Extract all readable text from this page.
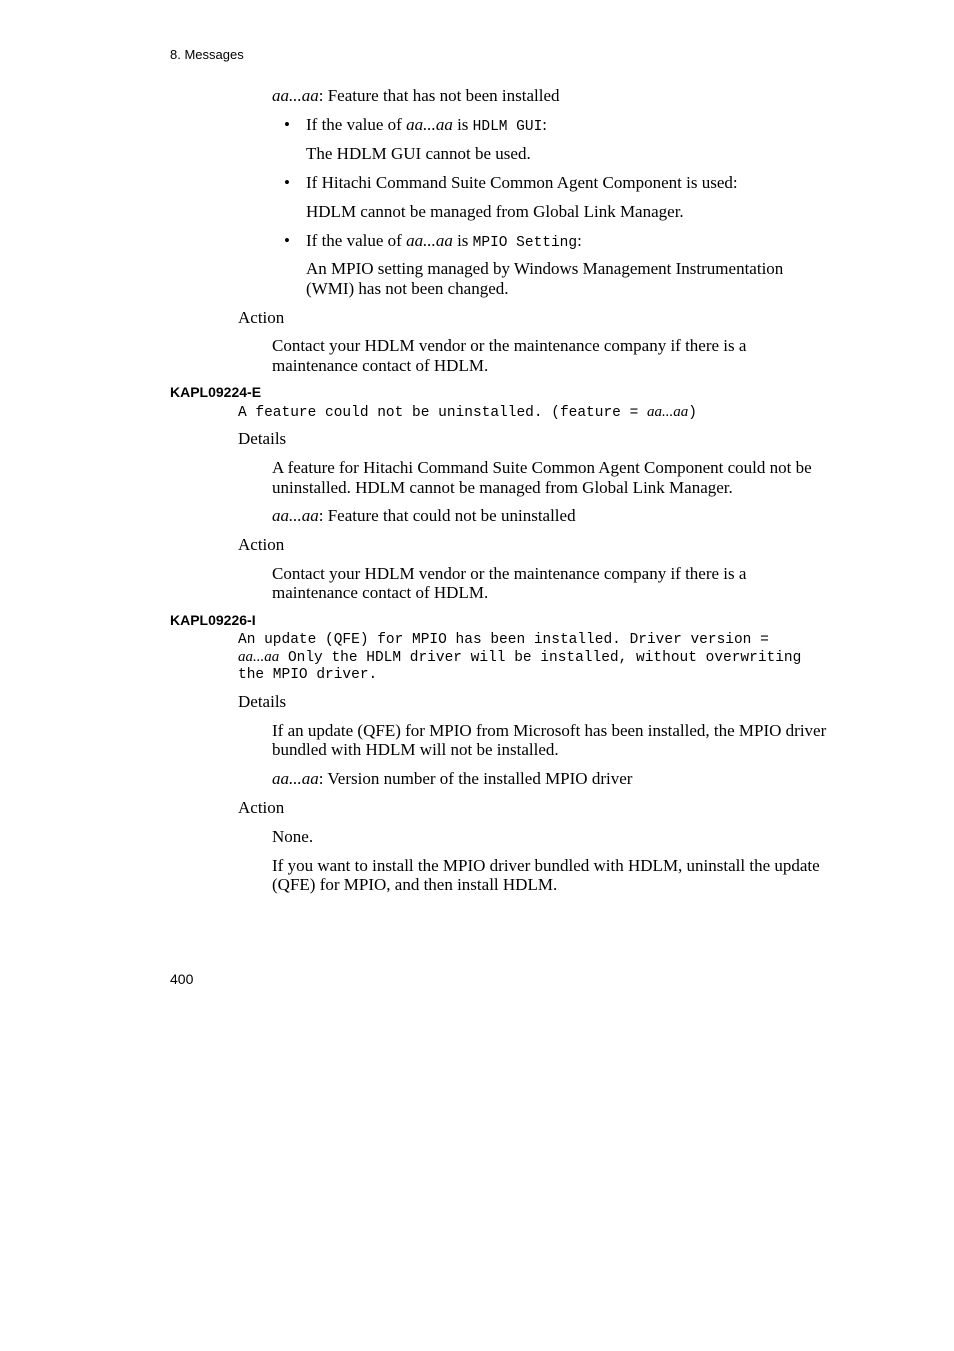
8. Messages
aa...aa: Feature that has not been installed
• If the value of aa...aa is HDLM GUI:
The HDLM GUI cannot be used.
• If Hitachi Command Suite Common Agent Component is used:
HDLM cannot be managed from Global Link Manager.
• If the value of aa...aa is MPIO Setting:
An MPIO setting managed by Windows Management Instrumentation
(WMI) has not been changed.
Action
Contact your HDLM vendor or the maintenance company if there is a
maintenance contact of HDLM.
KAPL09224-E
A feature could not be uninstalled. (feature = aa...aa)
Details
A feature for Hitachi Command Suite Common Agent Component could not be
uninstalled. HDLM cannot be managed from Global Link Manager.
aa...aa: Feature that could not be uninstalled
Action
Contact your HDLM vendor or the maintenance company if there is a
maintenance contact of HDLM.
KAPL09226-I
An update (QFE) for MPIO has been installed. Driver version =
aa...aa Only the HDLM driver will be installed, without overwriting
the MPIO driver.
Details
If an update (QFE) for MPIO from Microsoft has been installed, the MPIO driver
bundled with HDLM will not be installed.
aa...aa: Version number of the installed MPIO driver
Action
None.
If you want to install the MPIO driver bundled with HDLM, uninstall the update
(QFE) for MPIO, and then install HDLM.
400
